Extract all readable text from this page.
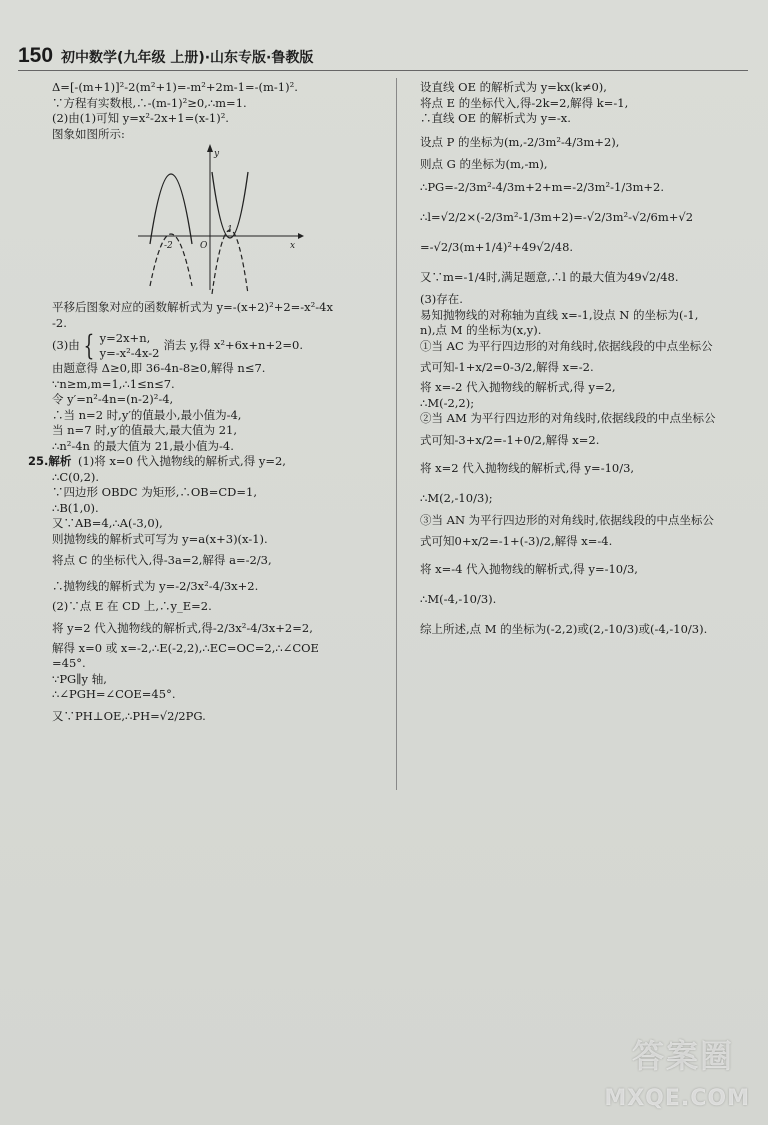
150 初中数学(九年级 上册)·山东专版·鲁教版

Δ=[-(m+1)]²-2(m²+1)=-m²+2m-1=-(m-1)².

∵方程有实数根,∴-(m-1)²≥0,∴m=1.

(2)由(1)可知 y=x²-2x+1=(x-1)².

图象如图所示:

y
x
O
-2
1

平移后图象对应的函数解析式为 y=-(x+2)²+2=-x²-4x

-2.

(3)由 { y=2x+n,
y=-x²-4x-2
消去 y,得 x²+6x+n+2=0.

由题意得 Δ≥0,即 36-4n-8≥0,解得 n≤7.

∵n≥m,m=1,∴1≤n≤7.

令 y′=n²-4n=(n-2)²-4,

∴当 n=2 时,y′的值最小,最小值为-4,

当 n=7 时,y′的值最大,最大值为 21,

∴n²-4n 的最大值为 21,最小值为-4.

25.解析 (1)将 x=0 代入抛物线的解析式,得 y=2,

∴C(0,2).

∵四边形 OBDC 为矩形,∴OB=CD=1,

∴B(1,0).

又∵AB=4,∴A(-3,0),

则抛物线的解析式可写为 y=a(x+3)(x-1).

将点 C 的坐标代入,得-3a=2,解得 a=-2/3,

∴抛物线的解析式为 y=-2/3x²-4/3x+2.

(2)∵点 E 在 CD 上,∴y_E=2.

将 y=2 代入抛物线的解析式,得-2/3x²-4/3x+2=2,

解得 x=0 或 x=-2,∴E(-2,2),∴EC=OC=2,∴∠COE

=45°.

∵PG∥y 轴,

∴∠PGH=∠COE=45°.

又∵PH⊥OE,∴PH=√2/2PG.

设直线 OE 的解析式为 y=kx(k≠0),

将点 E 的坐标代入,得-2k=2,解得 k=-1,

∴直线 OE 的解析式为 y=-x.

设点 P 的坐标为(m,-2/3m²-4/3m+2),

则点 G 的坐标为(m,-m),

∴PG=-2/3m²-4/3m+2+m=-2/3m²-1/3m+2.

∴l=√2/2×(-2/3m²-1/3m+2)=-√2/3m²-√2/6m+√2

=-√2/3(m+1/4)²+49√2/48.

又∵m=-1/4时,满足题意,∴l 的最大值为49√2/48.

(3)存在.

易知抛物线的对称轴为直线 x=-1,设点 N 的坐标为(-1,

n),点 M 的坐标为(x,y).

①当 AC 为平行四边形的对角线时,依据线段的中点坐标公

式可知-1+x/2=0-3/2,解得 x=-2.

将 x=-2 代入抛物线的解析式,得 y=2,

∴M(-2,2);

②当 AM 为平行四边形的对角线时,依据线段的中点坐标公

式可知-3+x/2=-1+0/2,解得 x=2.

将 x=2 代入抛物线的解析式,得 y=-10/3,

∴M(2,-10/3);

③当 AN 为平行四边形的对角线时,依据线段的中点坐标公

式可知0+x/2=-1+(-3)/2,解得 x=-4.

将 x=-4 代入抛物线的解析式,得 y=-10/3,

∴M(-4,-10/3).

综上所述,点 M 的坐标为(-2,2)或(2,-10/3)或(-4,-10/3).

答案圈
MXQE.COM
